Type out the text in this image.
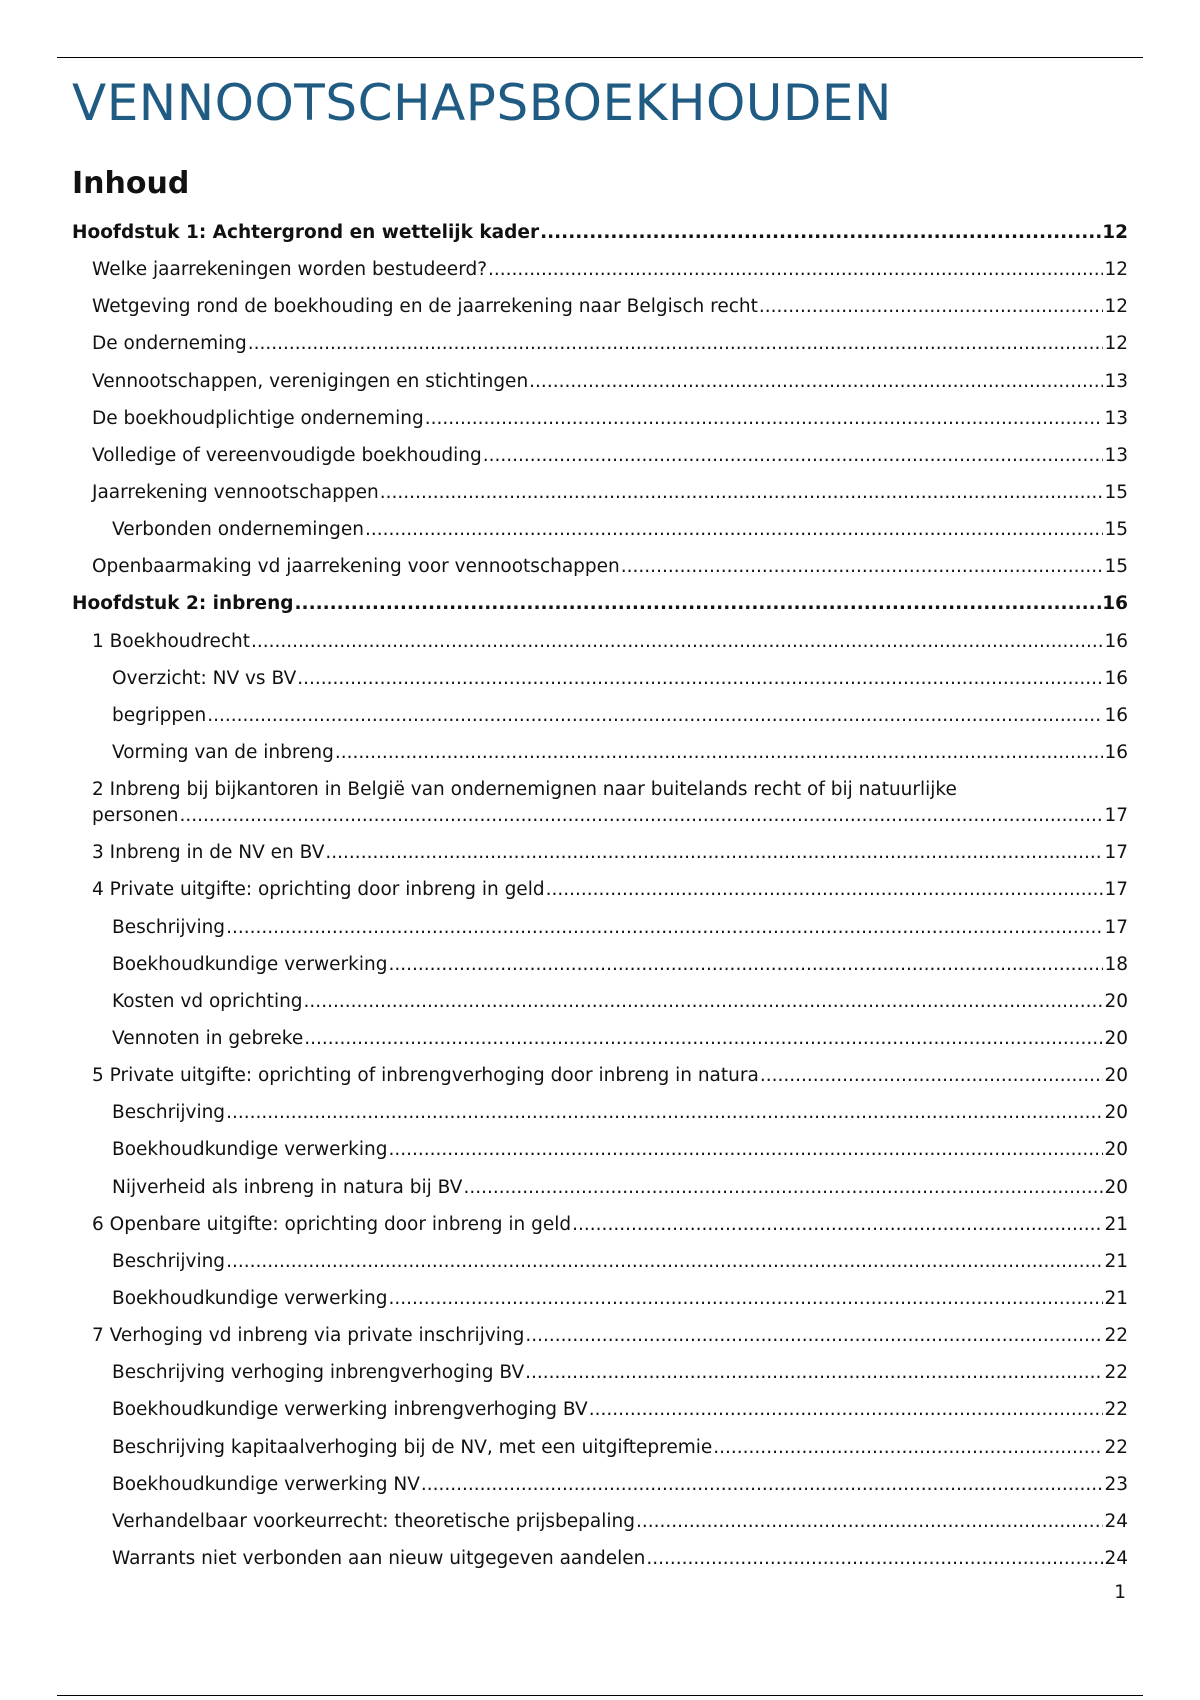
VENNOOTSCHAPSBOEKHOUDEN
Inhoud
Hoofdstuk 1: Achtergrond en wettelijk kader .....	12
Welke jaarrekeningen worden bestudeerd? .....	12
Wetgeving rond de boekhouding en de jaarrekening naar Belgisch recht .....	12
De onderneming .....	12
Vennootschappen, verenigingen en stichtingen .....	13
De boekhoudplichtige onderneming .....	13
Volledige of vereenvoudigde boekhouding .....	13
Jaarrekening vennootschappen .....	15
Verbonden ondernemingen .....	15
Openbaarmaking vd jaarrekening voor vennootschappen .....	15
Hoofdstuk 2: inbreng .....	16
1 Boekhoudrecht .....	16
Overzicht: NV vs BV .....	16
begrippen .....	16
Vorming van de inbreng .....	16
2 Inbreng bij bijkantoren in België van ondernemignen naar buitelands recht of bij natuurlijke
personen .....	17
3 Inbreng in de NV en BV .....	17
4 Private uitgifte: oprichting door inbreng in geld .....	17
Beschrijving .....	17
Boekhoudkundige verwerking .....	18
Kosten vd oprichting .....	20
Vennoten in gebreke .....	20
5 Private uitgifte: oprichting of inbrengverhoging door inbreng in natura .....	20
Beschrijving .....	20
Boekhoudkundige verwerking .....	20
Nijverheid als inbreng in natura bij BV .....	20
6 Openbare uitgifte: oprichting door inbreng in geld .....	21
Beschrijving .....	21
Boekhoudkundige verwerking .....	21
7 Verhoging vd inbreng via private inschrijving .....	22
Beschrijving verhoging inbrengverhoging BV .....	22
Boekhoudkundige verwerking inbrengverhoging BV .....	22
Beschrijving kapitaalverhoging bij de NV, met een uitgiftepremie .....	22
Boekhoudkundige verwerking NV .....	23
Verhandelbaar voorkeurrecht: theoretische prijsbepaling .....	24
Warrants niet verbonden aan nieuw uitgegeven aandelen .....	24
1
